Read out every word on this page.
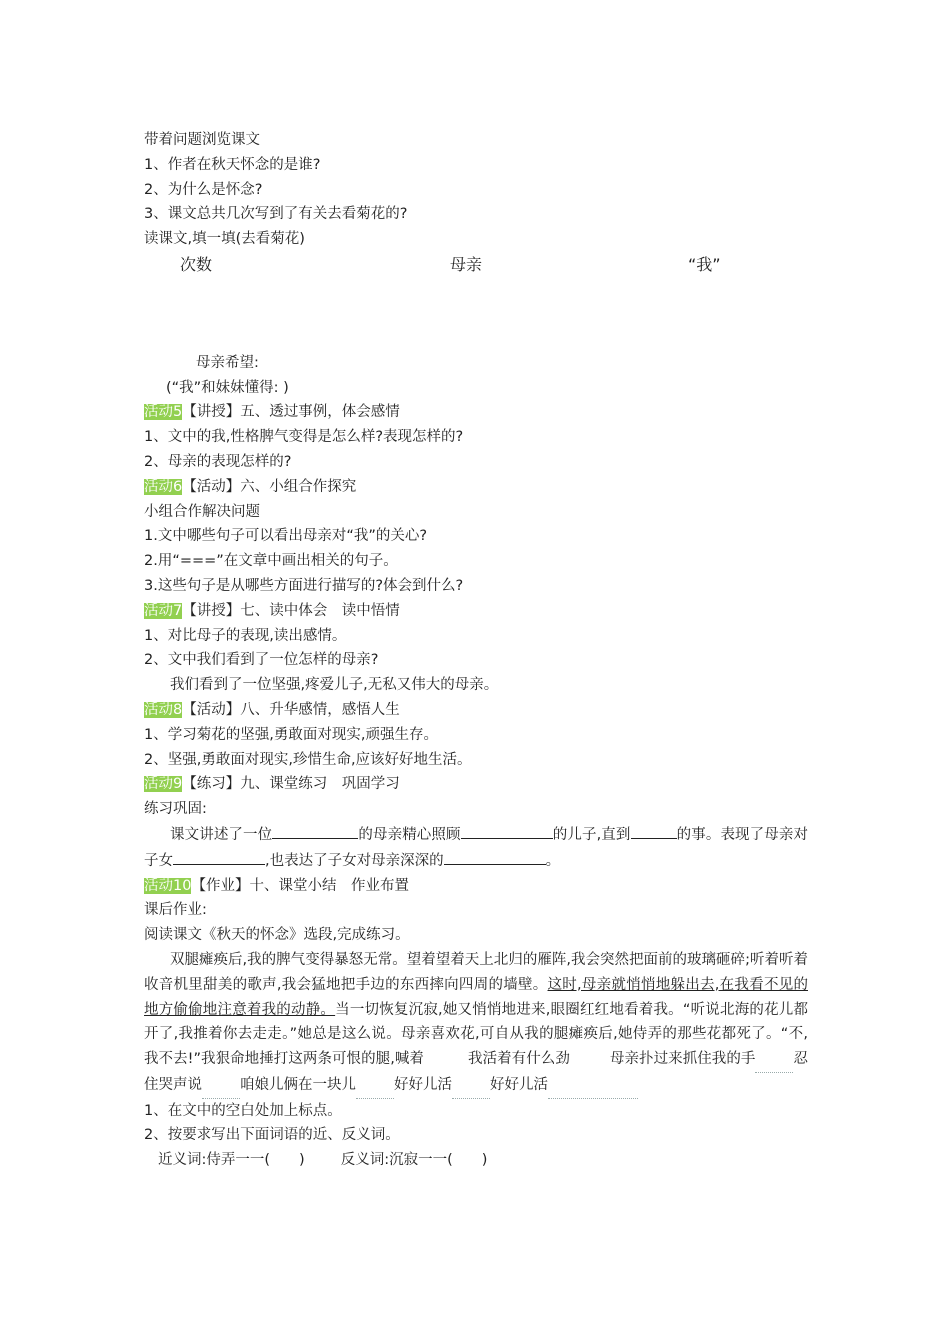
带着问题浏览课文
1、作者在秋天怀念的是谁?
2、为什么是怀念?
3、课文总共几次写到了有关去看菊花的?
读课文,填一填(去看菊花)
次数	母亲	“我”
母亲希望:
(“我”和妹妹懂得: )
活动5【讲授】五、透过事例，体会感情
1、文中的我,性格脾气变得是怎么样?表现怎样的?
2、母亲的表现怎样的?
活动6【活动】六、小组合作探究
小组合作解决问题
1.文中哪些句子可以看出母亲对“我”的关心?
2.用“===”在文章中画出相关的句子。
3.这些句子是从哪些方面进行描写的?体会到什么?
活动7【讲授】七、读中体会　读中悟情
1、对比母子的表现,读出感情。
2、文中我们看到了一位怎样的母亲?
我们看到了一位坚强,疼爱儿子,无私又伟大的母亲。
活动8【活动】八、升华感情，感悟人生
1、学习菊花的坚强,勇敢面对现实,顽强生存。
2、坚强,勇敢面对现实,珍惜生命,应该好好地生活。
活动9【练习】九、课堂练习　巩固学习
练习巩固:
课文讲述了一位	的母亲精心照顾	的儿子,直到	的事。表现了母亲对子女	,也表达了子女对母亲深深的	。
活动10【作业】十、课堂小结　作业布置
课后作业:
阅读课文《秋天的怀念》选段,完成练习。
双腿瘫痪后,我的脾气变得暴怒无常。望着望着天上北归的雁阵,我会突然把面前的玻璃砸碎;听着听着收音机里甜美的歌声,我会猛地把手边的东西摔向四周的墙壁。这时,母亲就悄悄地躲出去,在我看不见的地方偷偷地注意着我的动静。当一切恢复沉寂,她又悄悄地进来,眼圈红红地看着我。“听说北海的花儿都开了,我推着你去走走。”她总是这么说。母亲喜欢花,可自从我的腿瘫痪后,她侍弄的那些花都死了。“不,我不去!”我狠命地捶打这两条可恨的腿,喊着	我活着有什么劲	母亲扑过来抓住我的手	忍住哭声说	咱娘儿俩在一块儿	好好儿活	好好儿活
1、在文中的空白处加上标点。
2、按要求写出下面词语的近、反义词。
近义词:侍弄一一(　　) 反义词:沉寂一一(　　)
